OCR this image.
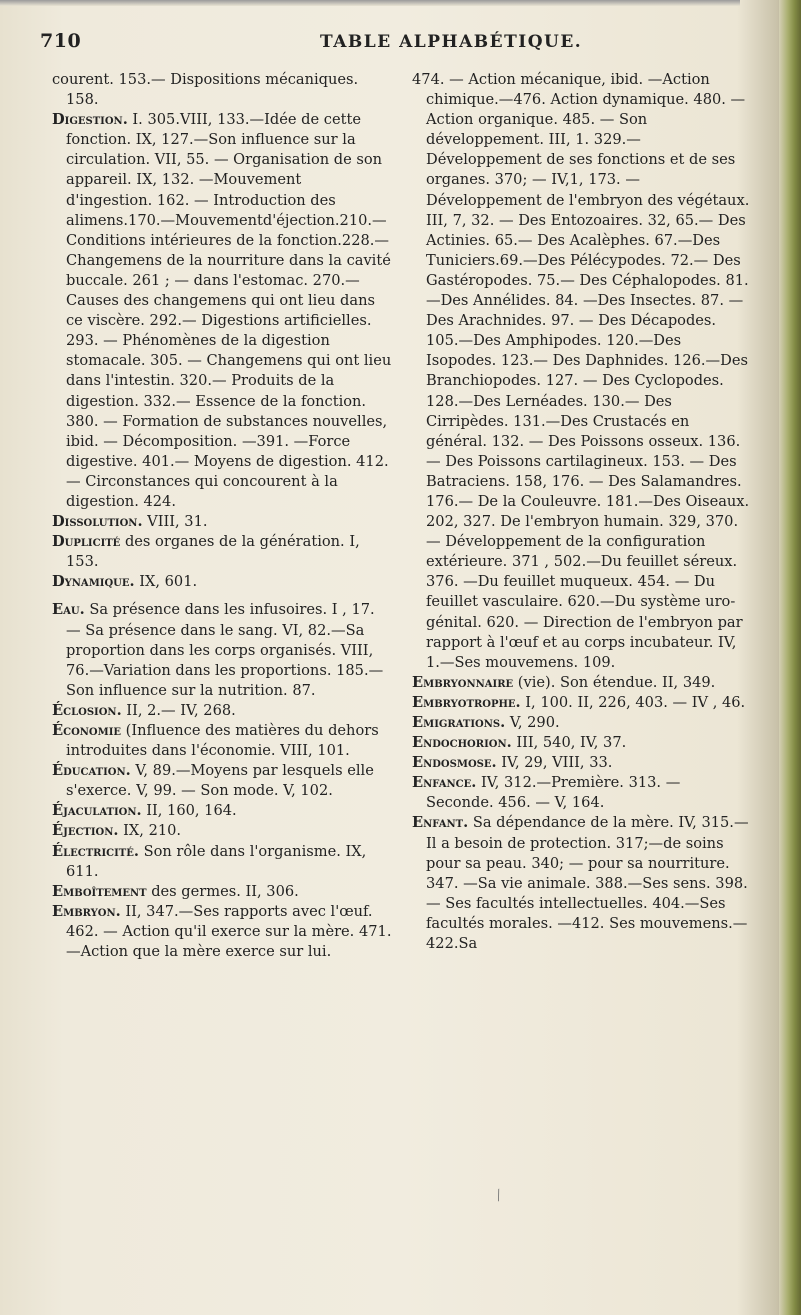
710	TABLE ALPHABÉTIQUE.

courent. 153.— Dispositions mécaniques. 158.

Digestion. I. 305.VIII, 133.—Idée de cette fonction. IX, 127.—Son influence sur la circulation. VII, 55. — Organisation de son appareil. IX, 132. —Mouvement d'ingestion. 162. — Introduction des alimens.170.—Mouvementd'éjection.210.—Conditions intérieures de la fonction.228.—Changemens de la nourriture dans la cavité buccale. 261 ; — dans l'estomac. 270.—Causes des changemens qui ont lieu dans ce viscère. 292.— Digestions artificielles. 293. — Phénomènes de la digestion stomacale. 305. — Changemens qui ont lieu dans l'intestin. 320.— Produits de la digestion. 332.— Essence de la fonction. 380. — Formation de substances nouvelles, ibid. — Décomposition. —391. —Force digestive. 401.— Moyens de digestion. 412. — Circonstances qui concourent à la digestion. 424.

Dissolution. VIII, 31.

Duplicité des organes de la génération. I, 153.

Dynamique. IX, 601.

Eau. Sa présence dans les infusoires. I , 17. — Sa présence dans le sang. VI, 82.—Sa proportion dans les corps organisés. VIII, 76.—Variation dans les proportions. 185.—Son influence sur la nutrition. 87.

Éclosion. II, 2.— IV, 268.

Économie (Influence des matières du dehors introduites dans l'économie. VIII, 101.

Éducation. V, 89.—Moyens par lesquels elle s'exerce. V, 99. — Son mode. V, 102.

Éjaculation. II, 160, 164.

Éjection. IX, 210.

Électricité. Son rôle dans l'organisme. IX, 611.

Emboîtement des germes. II, 306.

Embryon. II, 347.—Ses rapports avec l'œuf. 462. — Action qu'il exerce sur la mère. 471. —Action que la mère exerce sur lui.

474. — Action mécanique, ibid. —Action chimique.—476. Action dynamique. 480. —Action organique. 485. — Son développement. III, 1. 329.— Développement de ses fonctions et de ses organes. 370; — IV,1, 173. — Développement de l'embryon des végétaux. III, 7, 32. — Des Entozoaires. 32, 65.— Des Actinies. 65.— Des Acalèphes. 67.—Des Tuniciers.69.—Des Pélécypodes. 72.— Des Gastéropodes. 75.— Des Céphalopodes. 81.—Des Annélides. 84. —Des Insectes. 87. — Des Arachnides. 97. — Des Décapodes. 105.—Des Amphipodes. 120.—Des Isopodes. 123.— Des Daphnides. 126.—Des Branchiopodes. 127. — Des Cyclopodes. 128.—Des Lernéades. 130.— Des Cirripèdes. 131.—Des Crustacés en général. 132. — Des Poissons osseux. 136. — Des Poissons cartilagineux. 153. — Des Batraciens. 158, 176. — Des Salamandres. 176.— De la Couleuvre. 181.—Des Oiseaux. 202, 327. De l'embryon humain. 329, 370. — Développement de la configuration extérieure. 371 , 502.—Du feuillet séreux. 376. —Du feuillet muqueux. 454. — Du feuillet vasculaire. 620.—Du système uro-génital. 620. — Direction de l'embryon par rapport à l'œuf et au corps incubateur. IV, 1.—Ses mouvemens. 109.

Embryonnaire (vie). Son étendue. II, 349.

Embryotrophe. I, 100. II, 226, 403. — IV , 46.

Emigrations. V, 290.

Endochorion. III, 540, IV, 37.

Endosmose. IV, 29, VIII, 33.

Enfance. IV, 312.—Première. 313. — Seconde. 456. — V, 164.

Enfant. Sa dépendance de la mère. IV, 315.— Il a besoin de protection. 317;—de soins pour sa peau. 340; — pour sa nourriture. 347. —Sa vie animale. 388.—Ses sens. 398.— Ses facultés intellectuelles. 404.—Ses facultés morales. —412. Ses mouvemens.—422.Sa

⁄
